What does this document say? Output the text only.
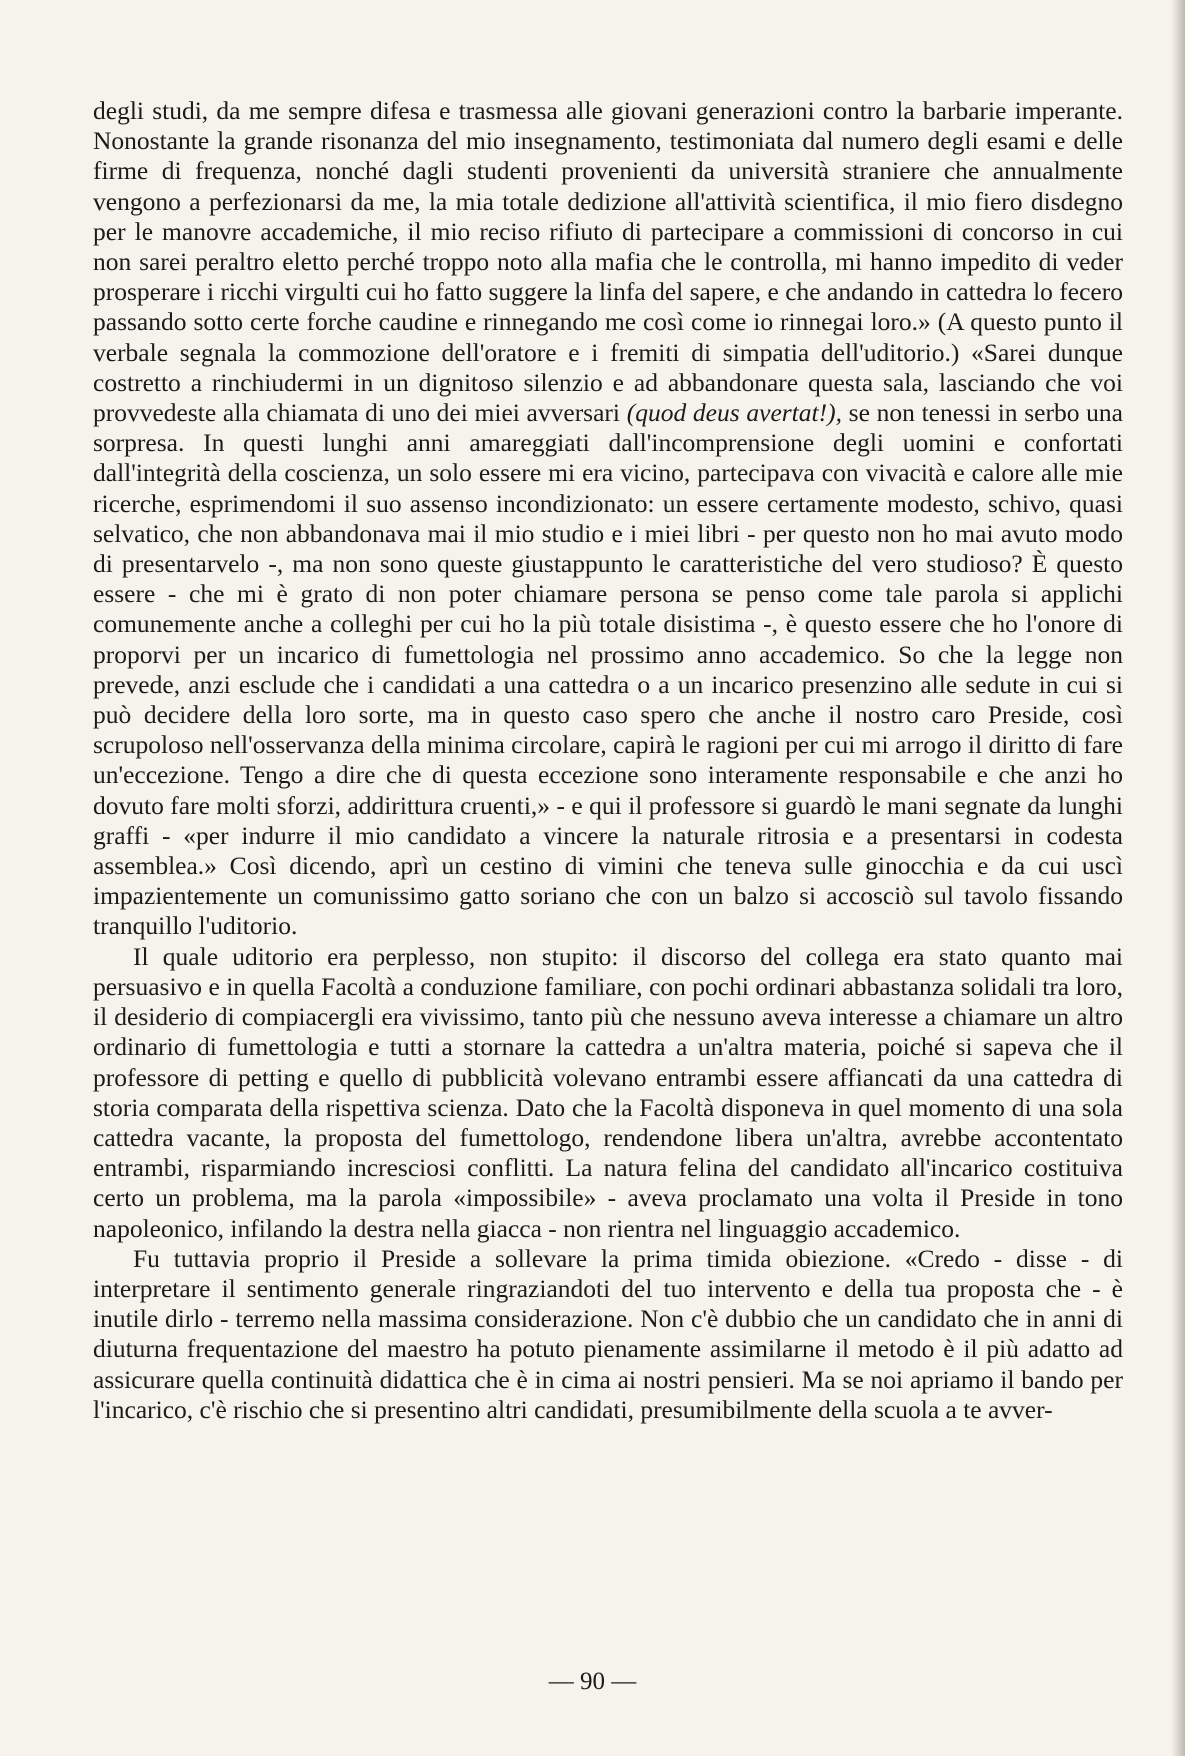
degli studi, da me sempre difesa e trasmessa alle giovani generazioni contro la barbarie imperante. Nonostante la grande risonanza del mio insegnamento, testimoniata dal numero degli esami e delle firme di frequenza, nonché dagli studenti provenienti da università straniere che annualmente vengono a perfezionarsi da me, la mia totale dedizione all'attività scientifica, il mio fiero disdegno per le manovre accademiche, il mio reciso rifiuto di partecipare a commissioni di concorso in cui non sarei peraltro eletto perché troppo noto alla mafia che le controlla, mi hanno impedito di veder prosperare i ricchi virgulti cui ho fatto suggere la linfa del sapere, e che andando in cattedra lo fecero passando sotto certe forche caudine e rinnegando me così come io rinnegai loro.» (A questo punto il verbale segnala la commozione dell'oratore e i fremiti di simpatia dell'uditorio.) «Sarei dunque costretto a rinchiudermi in un dignitoso silenzio e ad abbandonare questa sala, lasciando che voi provvedeste alla chiamata di uno dei miei avversari (quod deus avertat!), se non tenessi in serbo una sorpresa. In questi lunghi anni amareggiati dall'incomprensione degli uomini e confortati dall'integrità della coscienza, un solo essere mi era vicino, partecipava con vivacità e calore alle mie ricerche, esprimendomi il suo assenso incondizionato: un essere certamente modesto, schivo, quasi selvatico, che non abbandonava mai il mio studio e i miei libri - per questo non ho mai avuto modo di presentarvelo -, ma non sono queste giustappunto le caratteristiche del vero studioso? È questo essere - che mi è grato di non poter chiamare persona se penso come tale parola si applichi comunemente anche a colleghi per cui ho la più totale disistima -, è questo essere che ho l'onore di proporvi per un incarico di fumettologia nel prossimo anno accademico. So che la legge non prevede, anzi esclude che i candidati a una cattedra o a un incarico presenzino alle sedute in cui si può decidere della loro sorte, ma in questo caso spero che anche il nostro caro Preside, così scrupoloso nell'osservanza della minima circolare, capirà le ragioni per cui mi arrogo il diritto di fare un'eccezione. Tengo a dire che di questa eccezione sono interamente responsabile e che anzi ho dovuto fare molti sforzi, addirittura cruenti,» - e qui il professore si guardò le mani segnate da lunghi graffi - «per indurre il mio candidato a vincere la naturale ritrosia e a presentarsi in codesta assemblea.» Così dicendo, aprì un cestino di vimini che teneva sulle ginocchia e da cui uscì impazientemente un comunissimo gatto soriano che con un balzo si accosciò sul tavolo fissando tranquillo l'uditorio.

Il quale uditorio era perplesso, non stupito: il discorso del collega era stato quanto mai persuasivo e in quella Facoltà a conduzione familiare, con pochi ordinari abbastanza solidali tra loro, il desiderio di compiacergli era vivissimo, tanto più che nessuno aveva interesse a chiamare un altro ordinario di fumettologia e tutti a stornare la cattedra a un'altra materia, poiché si sapeva che il professore di petting e quello di pubblicità volevano entrambi essere affiancati da una cattedra di storia comparata della rispettiva scienza. Dato che la Facoltà disponeva in quel momento di una sola cattedra vacante, la proposta del fumettologo, rendendone libera un'altra, avrebbe accontentato entrambi, risparmiando incresciosi conflitti. La natura felina del candidato all'incarico costituiva certo un problema, ma la parola «impossibile» - aveva proclamato una volta il Preside in tono napoleonico, infilando la destra nella giacca - non rientra nel linguaggio accademico.

Fu tuttavia proprio il Preside a sollevare la prima timida obiezione. «Credo - disse - di interpretare il sentimento generale ringraziandoti del tuo intervento e della tua proposta che - è inutile dirlo - terremo nella massima considerazione. Non c'è dubbio che un candidato che in anni di diuturna frequentazione del maestro ha potuto pienamente assimilarne il metodo è il più adatto ad assicurare quella continuità didattica che è in cima ai nostri pensieri. Ma se noi apriamo il bando per l'incarico, c'è rischio che si presentino altri candidati, presumibilmente della scuola a te avver-

— 90 —
